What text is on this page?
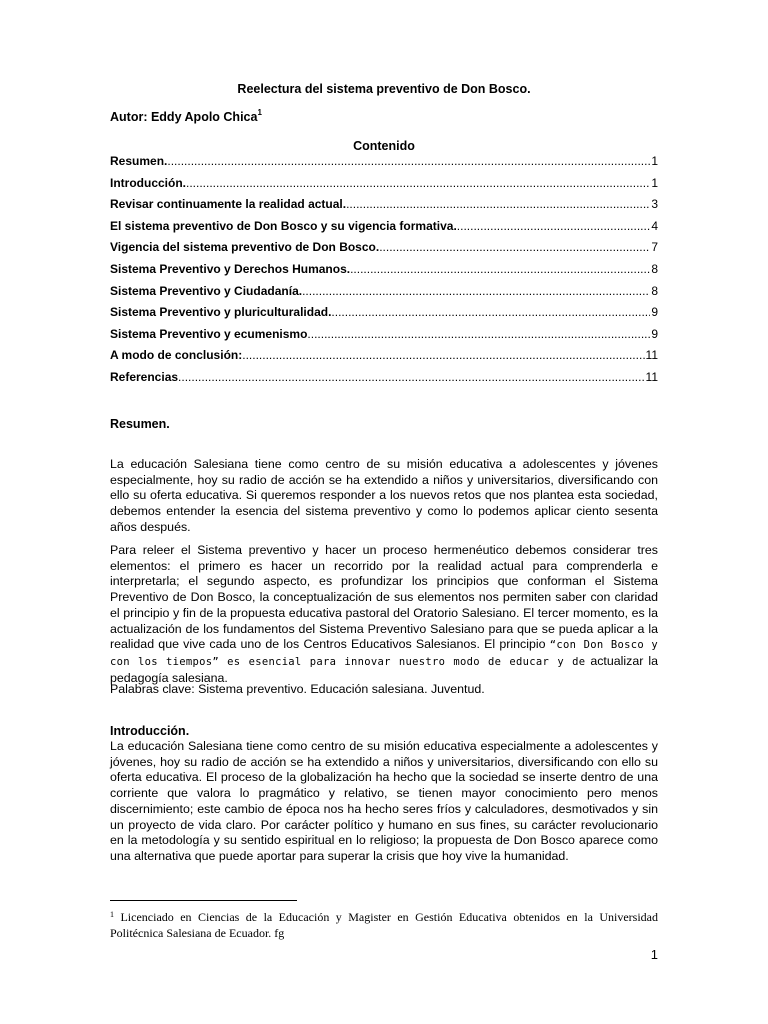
Reelectura del sistema preventivo de Don Bosco.
Autor: Eddy Apolo Chica$^1$
Contenido
Resumen. .....	1
Introducción. .....	1
Revisar continuamente la realidad actual. .....	3
El sistema preventivo de Don Bosco y su vigencia formativa. .....	4
Vigencia del sistema preventivo de Don Bosco. .....	7
Sistema Preventivo y Derechos Humanos. .....	8
Sistema Preventivo y Ciudadanía. .....	8
Sistema Preventivo y pluriculturalidad. .....	9
Sistema Preventivo y ecumenismo .....	9
A modo de conclusión: .....	11
Referencias .....	11
Resumen.

La educación Salesiana tiene como centro de su misión educativa a adolescentes y jóvenes especialmente, hoy su radio de acción se ha extendido a niños y universitarios, diversificando con ello su oferta educativa. Si queremos responder a los nuevos retos que nos plantea esta sociedad, debemos entender la esencia del sistema preventivo y como lo podemos aplicar ciento sesenta años después.

Para releer el Sistema preventivo y hacer un proceso hermenéutico debemos considerar tres elementos: el primero es hacer un recorrido por la realidad actual para comprenderla e interpretarla; el segundo aspecto, es profundizar los principios que conforman el Sistema Preventivo de Don Bosco, la conceptualización de sus elementos nos permiten saber con claridad el principio y fin de la propuesta educativa pastoral del Oratorio Salesiano. El tercer momento, es la actualización de los fundamentos del Sistema Preventivo Salesiano para que se pueda aplicar a la realidad que vive cada uno de los Centros Educativos Salesianos. El principio “con Don Bosco y con los tiempos” es esencial para innovar nuestro modo de educar y de actualizar la pedagogía salesiana.

Palabras clave: Sistema preventivo. Educación salesiana. Juventud.

Introducción.

La educación Salesiana tiene como centro de su misión educativa especialmente a adolescentes y jóvenes, hoy su radio de acción se ha extendido a niños y universitarios, diversificando con ello su oferta educativa. El proceso de la globalización ha hecho que la sociedad se inserte dentro de una corriente que valora lo pragmático y relativo, se tienen mayor conocimiento pero menos discernimiento; este cambio de época nos ha hecho seres fríos y calculadores, desmotivados y sin un proyecto de vida claro. Por carácter político y humano en sus fines, su carácter revolucionario en la metodología y su sentido espiritual en lo religioso; la propuesta de Don Bosco aparece como una alternativa que puede aportar para superar la crisis que hoy vive la humanidad.

$^1$ Licenciado en Ciencias de la Educación y Magister en Gestión Educativa obtenidos en la Universidad Politécnica Salesiana de Ecuador. fg

1
